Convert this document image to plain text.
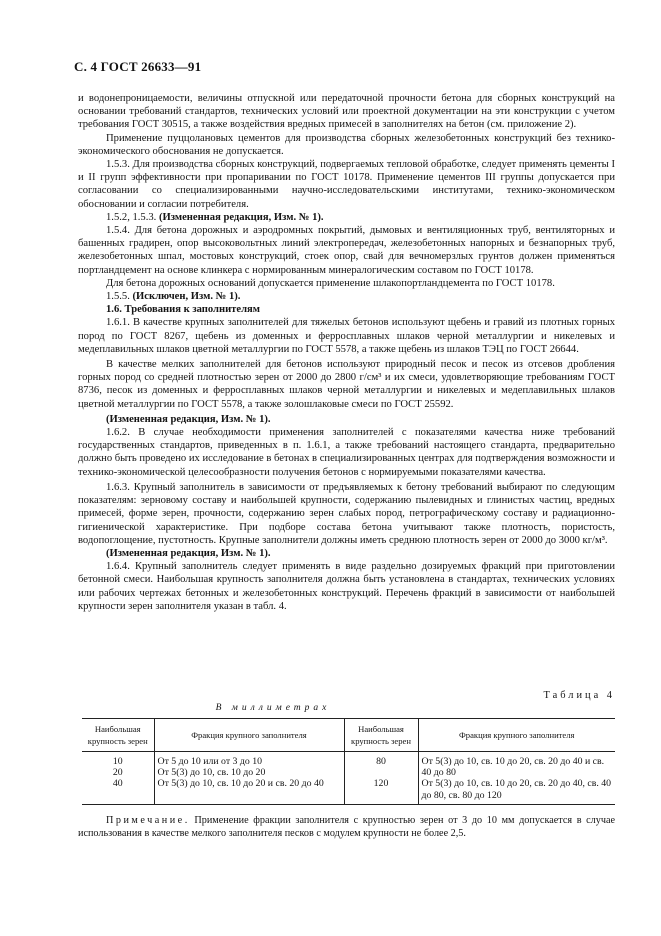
С. 4 ГОСТ 26633—91

и водонепроницаемости, величины отпускной или передаточной прочности бетона для сборных конструкций на основании требований стандартов, технических условий или проектной документации на эти конструкции с учетом требования ГОСТ 30515, а также воздействия вредных примесей в заполнителях на бетон (см. приложение 2).

Применение пуццолановых цементов для производства сборных железобетонных конструкций без технико-экономического обоснования не допускается.

1.5.3. Для производства сборных конструкций, подвергаемых тепловой обработке, следует применять цементы I и II групп эффективности при пропаривании по ГОСТ 10178. Применение цементов III группы допускается при согласовании со специализированными научно-исследовательскими институтами, технико-экономическом обосновании и согласии потребителя.

1.5.2, 1.5.3. (Измененная редакция, Изм. № 1).

1.5.4. Для бетона дорожных и аэродромных покрытий, дымовых и вентиляционных труб, вентиляторных и башенных градирен, опор высоковольтных линий электропередач, железобетонных напорных и безнапорных труб, железобетонных шпал, мостовых конструкций, стоек опор, свай для вечномерзлых грунтов должен применяться портландцемент на основе клинкера с нормированным минералогическим составом по ГОСТ 10178.

Для бетона дорожных оснований допускается применение шлакопортландцемента по ГОСТ 10178.

1.5.5. (Исключен, Изм. № 1).

1.6. Требования к заполнителям

1.6.1. В качестве крупных заполнителей для тяжелых бетонов используют щебень и гравий из плотных горных пород по ГОСТ 8267, щебень из доменных и ферросплавных шлаков черной металлургии и никелевых и медеплавильных шлаков цветной металлургии по ГОСТ 5578, а также щебень из шлаков ТЭЦ по ГОСТ 26644.

В качестве мелких заполнителей для бетонов используют природный песок и песок из отсевов дробления горных пород со средней плотностью зерен от 2000 до 2800 г/см³ и их смеси, удовлетворяющие требованиям ГОСТ 8736, песок из доменных и ферросплавных шлаков черной металлургии и никелевых и медеплавильных шлаков цветной металлургии по ГОСТ 5578, а также золошлаковые смеси по ГОСТ 25592.

(Измененная редакция, Изм. № 1).

1.6.2. В случае необходимости применения заполнителей с показателями качества ниже требований государственных стандартов, приведенных в п. 1.6.1, а также требований настоящего стандарта, предварительно должно быть проведено их исследование в бетонах в специализированных центрах для подтверждения возможности и технико-экономической целесообразности получения бетонов с нормируемыми показателями качества.

1.6.3. Крупный заполнитель в зависимости от предъявляемых к бетону требований выбирают по следующим показателям: зерновому составу и наибольшей крупности, содержанию пылевидных и глинистых частиц, вредных примесей, форме зерен, прочности, содержанию зерен слабых пород, петрографическому составу и радиационно-гигиенической характеристике. При подборе состава бетона учитывают также плотность, пористость, водопоглощение, пустотность. Крупные заполнители должны иметь среднюю плотность зерен от 2000 до 3000 кг/м³.

(Измененная редакция, Изм. № 1).

1.6.4. Крупный заполнитель следует применять в виде раздельно дозируемых фракций при приготовлении бетонной смеси. Наибольшая крупность заполнителя должна быть установлена в стандартах, технических условиях или рабочих чертежах бетонных и железобетонных конструкций. Перечень фракций в зависимости от наибольшей крупности зерен заполнителя указан в табл. 4.

Таблица 4
В миллиметрах
Наибольшая крупность зерен	Фракция крупного заполнителя	Наибольшая крупность зерен	Фракция крупного заполнителя
10	От 5 до 10 или от 3 до 10	80	От 5(3) до 10, св. 10 до 20, св. 20 до 40 и св. 40 до 80
20	От 5(3) до 10, св. 10 до 20		
40	От 5(3) до 10, св. 10 до 20 и св. 20 до 40	120	От 5(3) до 10, св. 10 до 20, св. 20 до 40, св. 40 до 80, св. 80 до 120
Примечание. Применение фракции заполнителя с крупностью зерен от 3 до 10 мм допускается в случае использования в качестве мелкого заполнителя песков с модулем крупности не более 2,5.
